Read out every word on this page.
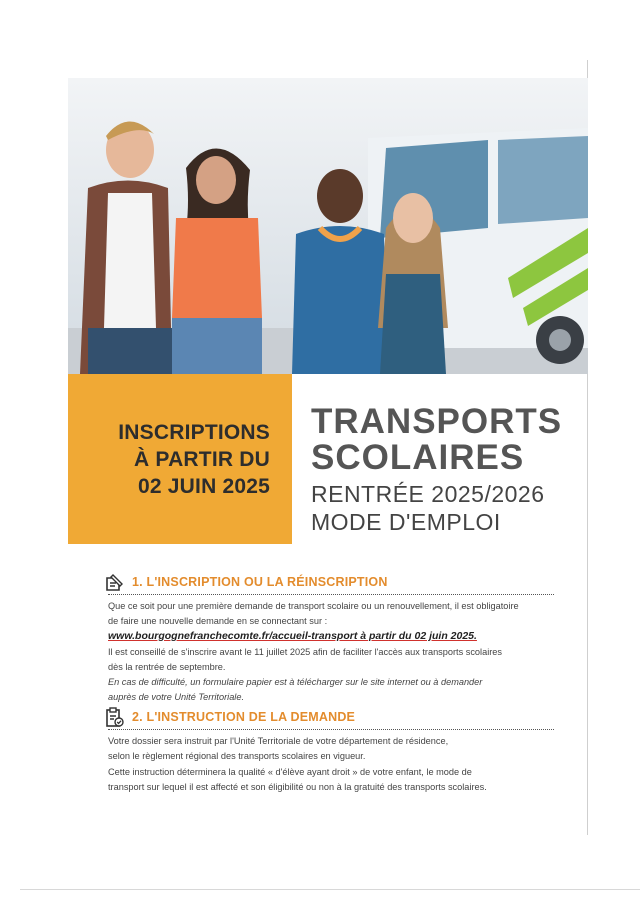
INSCRIPTIONS
À PARTIR DU
02 JUIN 2025
TRANSPORTS
SCOLAIRES
RENTRÉE 2025/2026
MODE D'EMPLOI
1. L'INSCRIPTION OU LA RÉINSCRIPTION

Que ce soit pour une première demande de transport scolaire ou un renouvellement, il est obligatoire

de faire une nouvelle demande en se connectant sur :

www.bourgognefranchecomte.fr/accueil-transport à partir du 02 juin 2025.

Il est conseillé de s'inscrire avant le 11 juillet 2025 afin de faciliter l'accès aux transports scolaires

dès la rentrée de septembre.

En cas de difficulté, un formulaire papier est à télécharger sur le site internet ou à demander

auprès de votre Unité Territoriale.

2. L'INSTRUCTION DE LA DEMANDE

Votre dossier sera instruit par l'Unité Territoriale de votre département de résidence,

selon le règlement régional des transports scolaires en vigueur.

Cette instruction déterminera la qualité « d'élève ayant droit » de votre enfant, le mode de

transport sur lequel il est affecté et son éligibilité ou non à la gratuité des transports scolaires.
